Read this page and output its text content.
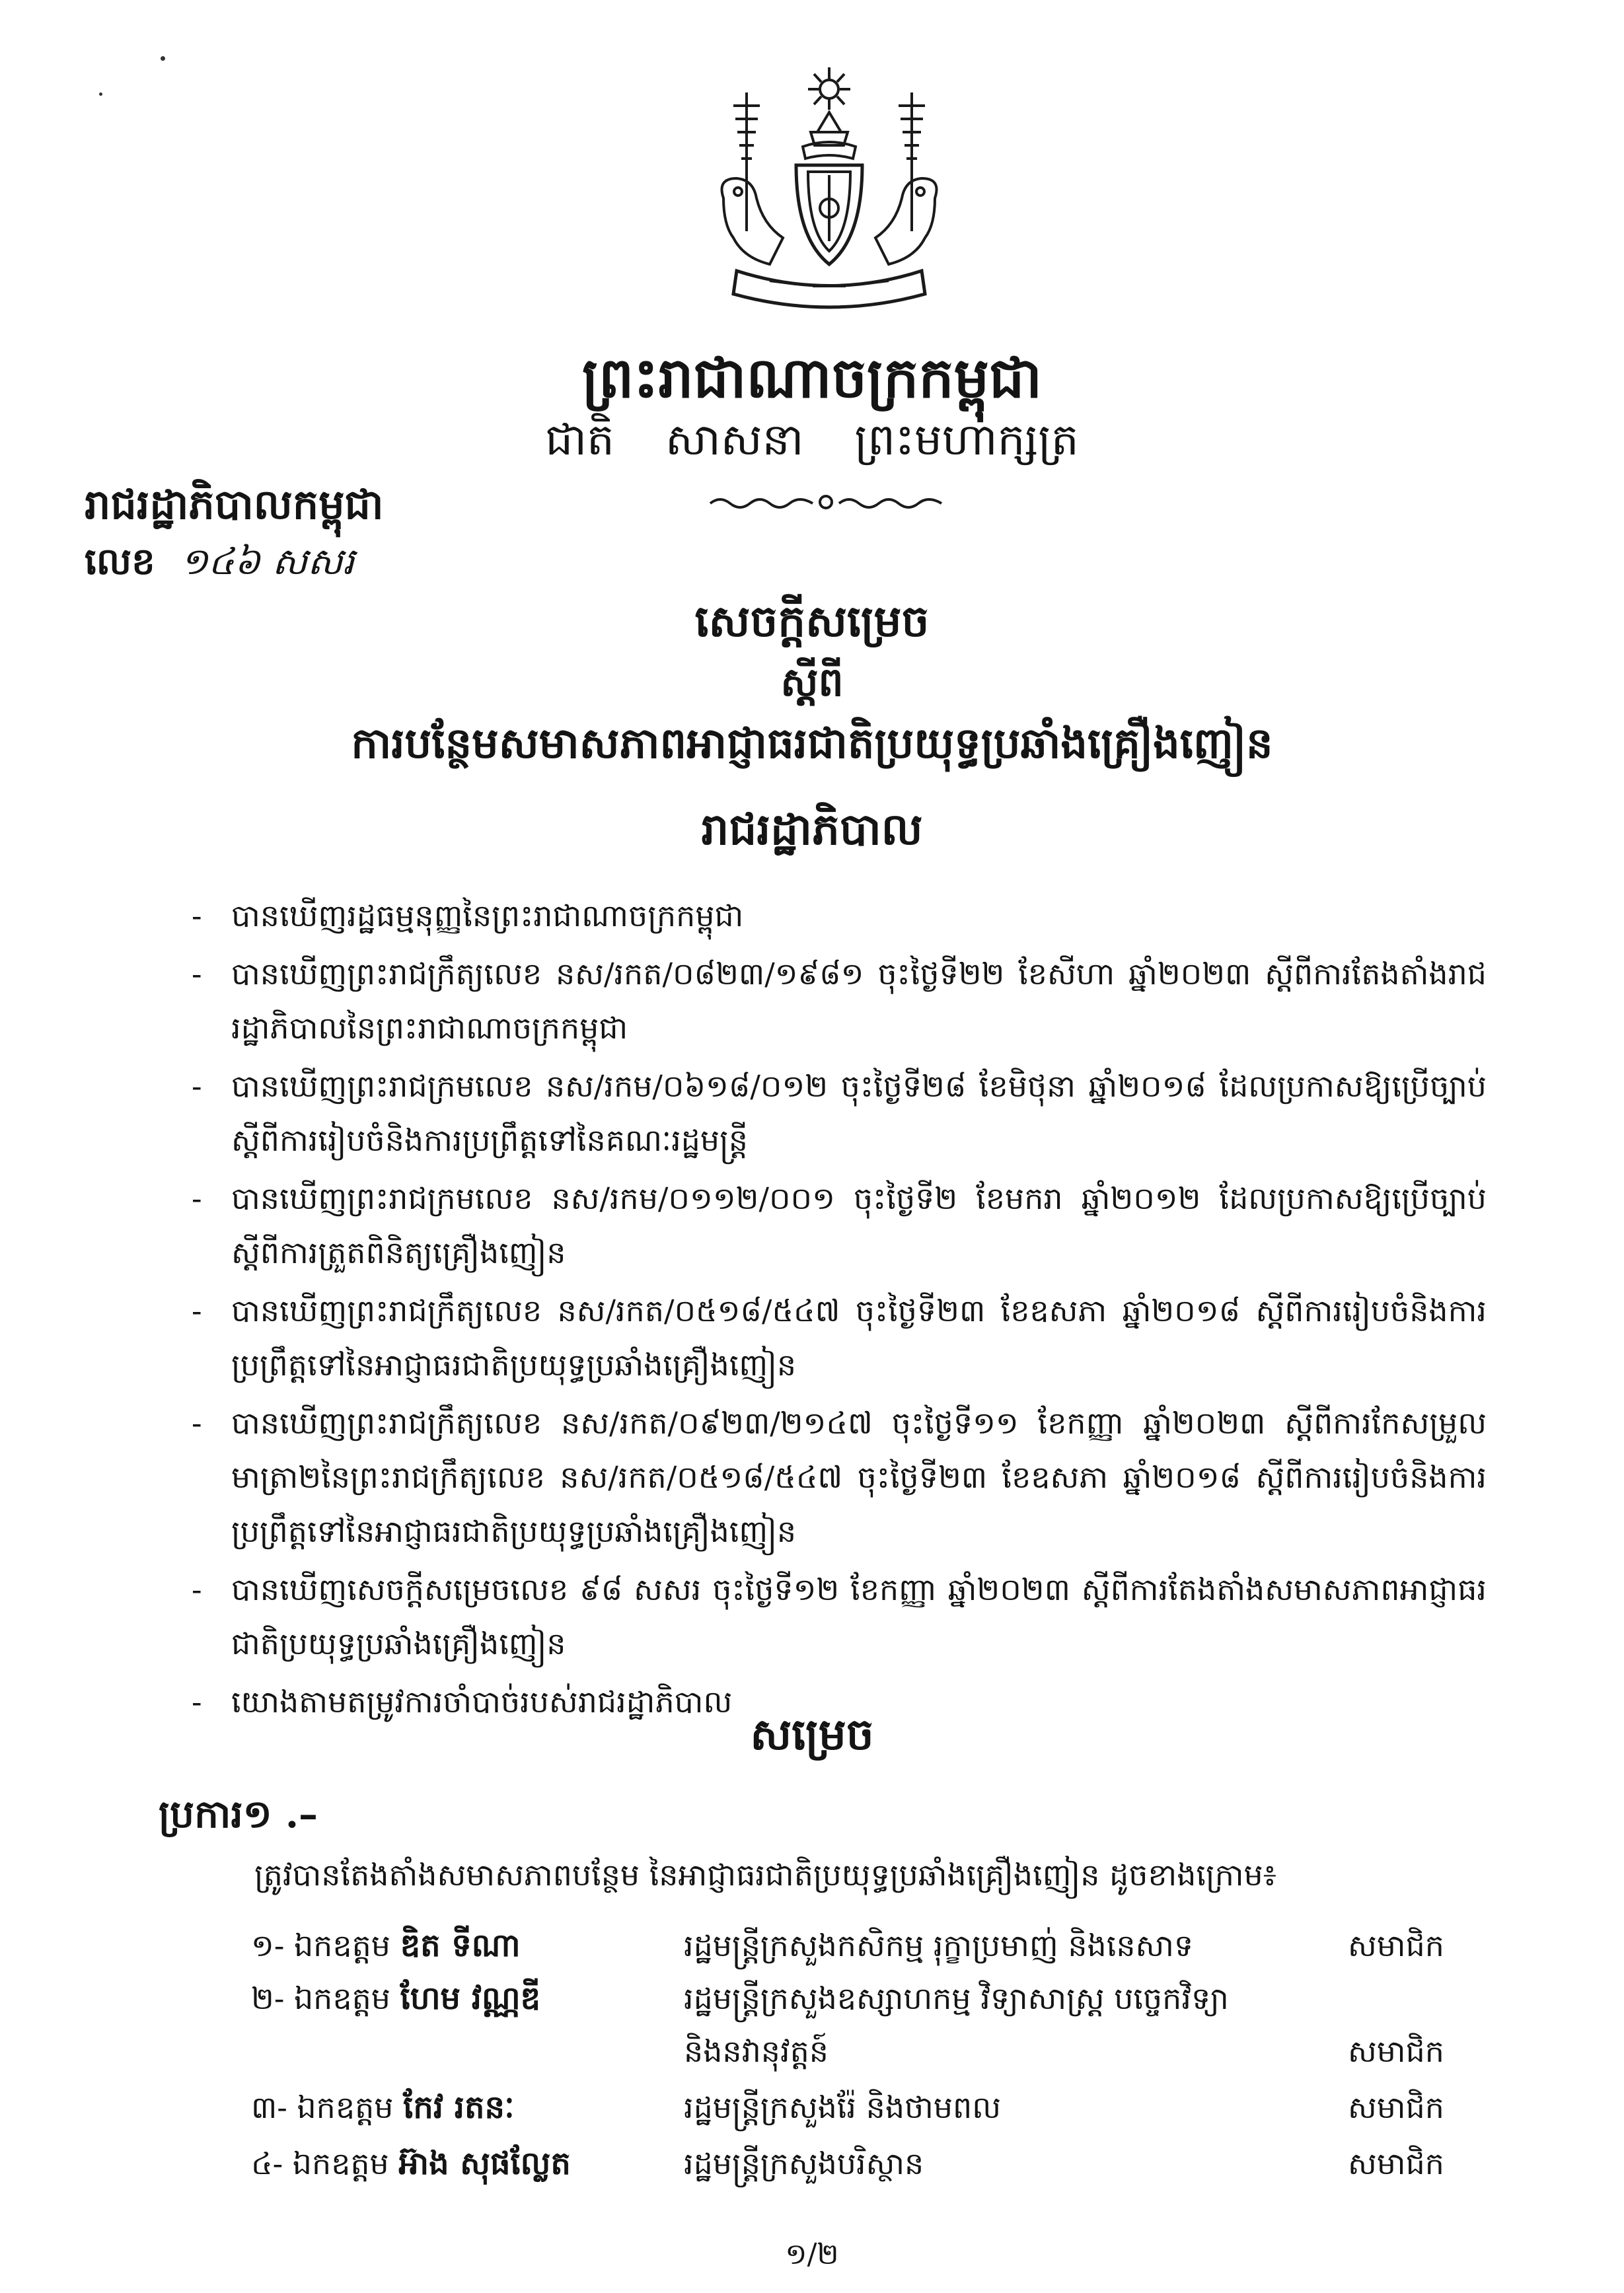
ព្រះរាជាណាចក្រកម្ពុជា
ជាតិ សាសនា ព្រះមហាក្សត្រ
រាជរដ្ឋាភិបាលកម្ពុជា
លេខ ១៤៦ សសរ
សេចក្តីសម្រេច
ស្តីពី
ការបន្ថែមសមាសភាពអាជ្ញាធរជាតិប្រយុទ្ធប្រឆាំងគ្រឿងញៀន
រាជរដ្ឋាភិបាល
- បានឃើញរដ្ឋធម្មនុញ្ញនៃព្រះរាជាណាចក្រកម្ពុជា
- បានឃើញព្រះរាជក្រឹត្យលេខ នស/រកត/០៨២៣/១៩៨១ ចុះថ្ងៃទី២២ ខែសីហា ឆ្នាំ២០២៣ ស្តីពីការតែងតាំងរាជរដ្ឋាភិបាលនៃព្រះរាជាណាចក្រកម្ពុជា
- បានឃើញព្រះរាជក្រមលេខ នស/រកម/០៦១៨/០១២ ចុះថ្ងៃទី២៨ ខែមិថុនា ឆ្នាំ២០១៨ ដែលប្រកាសឱ្យប្រើច្បាប់ស្តីពីការរៀបចំនិងការប្រព្រឹត្តទៅនៃគណៈរដ្ឋមន្ត្រី
- បានឃើញព្រះរាជក្រមលេខ នស/រកម/០១១២/០០១ ចុះថ្ងៃទី២ ខែមករា ឆ្នាំ២០១២ ដែលប្រកាសឱ្យប្រើច្បាប់ស្តីពីការត្រួតពិនិត្យគ្រឿងញៀន
- បានឃើញព្រះរាជក្រឹត្យលេខ នស/រកត/០៥១៨/៥៤៧ ចុះថ្ងៃទី២៣ ខែឧសភា ឆ្នាំ២០១៨ ស្តីពីការរៀបចំនិងការប្រព្រឹត្តទៅនៃអាជ្ញាធរជាតិប្រយុទ្ធប្រឆាំងគ្រឿងញៀន
- បានឃើញព្រះរាជក្រឹត្យលេខ នស/រកត/០៩២៣/២១៤៧ ចុះថ្ងៃទី១១ ខែកញ្ញា ឆ្នាំ២០២៣ ស្តីពីការកែសម្រួលមាត្រា២នៃព្រះរាជក្រឹត្យលេខ នស/រកត/០៥១៨/៥៤៧ ចុះថ្ងៃទី២៣ ខែឧសភា ឆ្នាំ២០១៨ ស្តីពីការរៀបចំនិងការប្រព្រឹត្តទៅនៃអាជ្ញាធរជាតិប្រយុទ្ធប្រឆាំងគ្រឿងញៀន
- បានឃើញសេចក្តីសម្រេចលេខ ៩៨ សសរ ចុះថ្ងៃទី១២ ខែកញ្ញា ឆ្នាំ២០២៣ ស្តីពីការតែងតាំងសមាសភាពអាជ្ញាធរជាតិប្រយុទ្ធប្រឆាំងគ្រឿងញៀន
- យោងតាមតម្រូវការចាំបាច់របស់រាជរដ្ឋាភិបាល
សម្រេច
ប្រការ១ .–
ត្រូវបានតែងតាំងសមាសភាពបន្ថែម នៃអាជ្ញាធរជាតិប្រយុទ្ធប្រឆាំងគ្រឿងញៀន ដូចខាងក្រោម៖
១- ឯកឧត្តម ឌិត ទីណា	រដ្ឋមន្ត្រីក្រសួងកសិកម្ម រុក្ខាប្រមាញ់ និងនេសាទ	សមាជិក
២- ឯកឧត្តម ហែម វណ្ណឌី	រដ្ឋមន្ត្រីក្រសួងឧស្សាហកម្ម វិទ្យាសាស្ត្រ បច្ចេកវិទ្យា
និងនវានុវត្តន៍	សមាជិក
៣- ឯកឧត្តម កែវ រតនៈ	រដ្ឋមន្ត្រីក្រសួងរ៉ែ និងថាមពល	សមាជិក
៤- ឯកឧត្តម អ៊ាង សុផល្លែត	រដ្ឋមន្ត្រីក្រសួងបរិស្ថាន	សមាជិក
១/២
